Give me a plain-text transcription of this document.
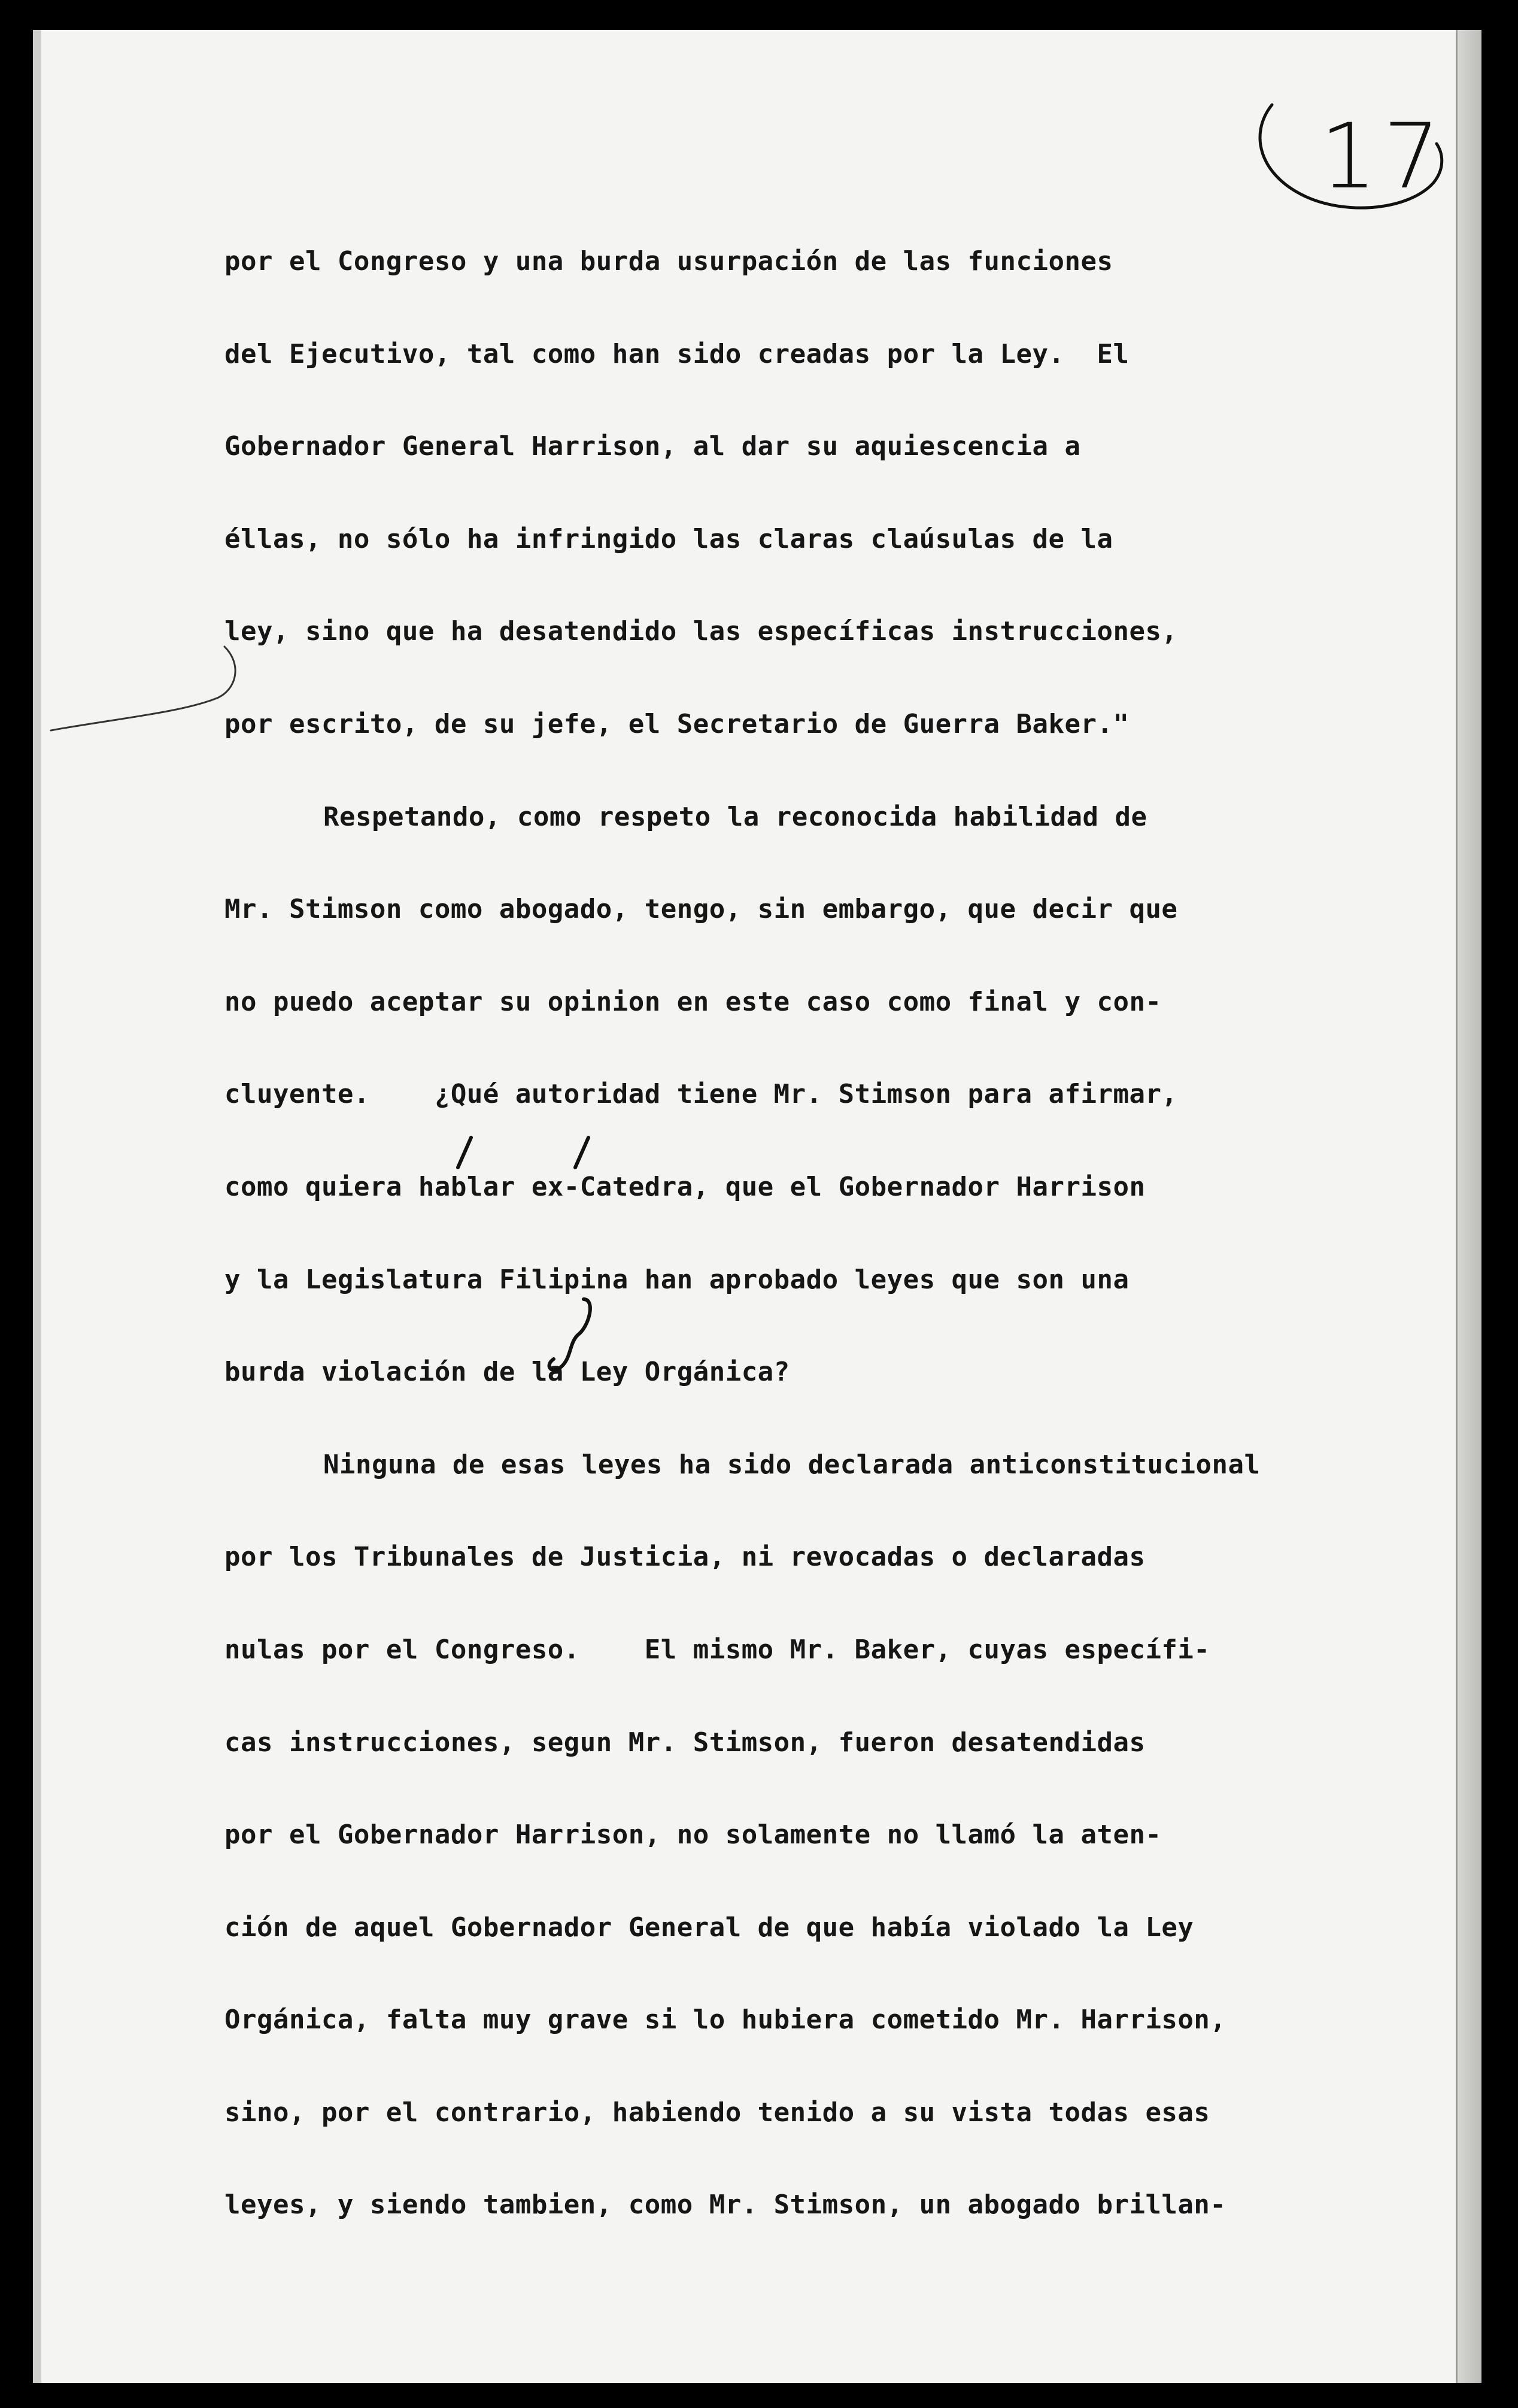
17
por el Congreso y una burda usurpación de las funciones
del Ejecutivo, tal como han sido creadas por la Ley.  El
Gobernador General Harrison, al dar su aquiescencia a
éllas, no sólo ha infringido las claras claúsulas de la
ley, sino que ha desatendido las específicas instrucciones,
por escrito, de su jefe, el Secretario de Guerra Baker."
Respetando, como respeto la reconocida habilidad de
Mr. Stimson como abogado, tengo, sin embargo, que decir que
no puedo aceptar su opinion en este caso como final y con-
cluyente.    ¿Qué autoridad tiene Mr. Stimson para afirmar,
como quiera hablar ex-Catedra, que el Gobernador Harrison
y la Legislatura Filipina han aprobado leyes que son una
burda violación de la Ley Orgánica?
Ninguna de esas leyes ha sido declarada anticonstitucional
por los Tribunales de Justicia, ni revocadas o declaradas
nulas por el Congreso.    El mismo Mr. Baker, cuyas específi-
cas instrucciones, segun Mr. Stimson, fueron desatendidas
por el Gobernador Harrison, no solamente no llamó la aten-
ción de aquel Gobernador General de que había violado la Ley
Orgánica, falta muy grave si lo hubiera cometido Mr. Harrison,
sino, por el contrario, habiendo tenido a su vista todas esas
leyes, y siendo tambien, como Mr. Stimson, un abogado brillan-
